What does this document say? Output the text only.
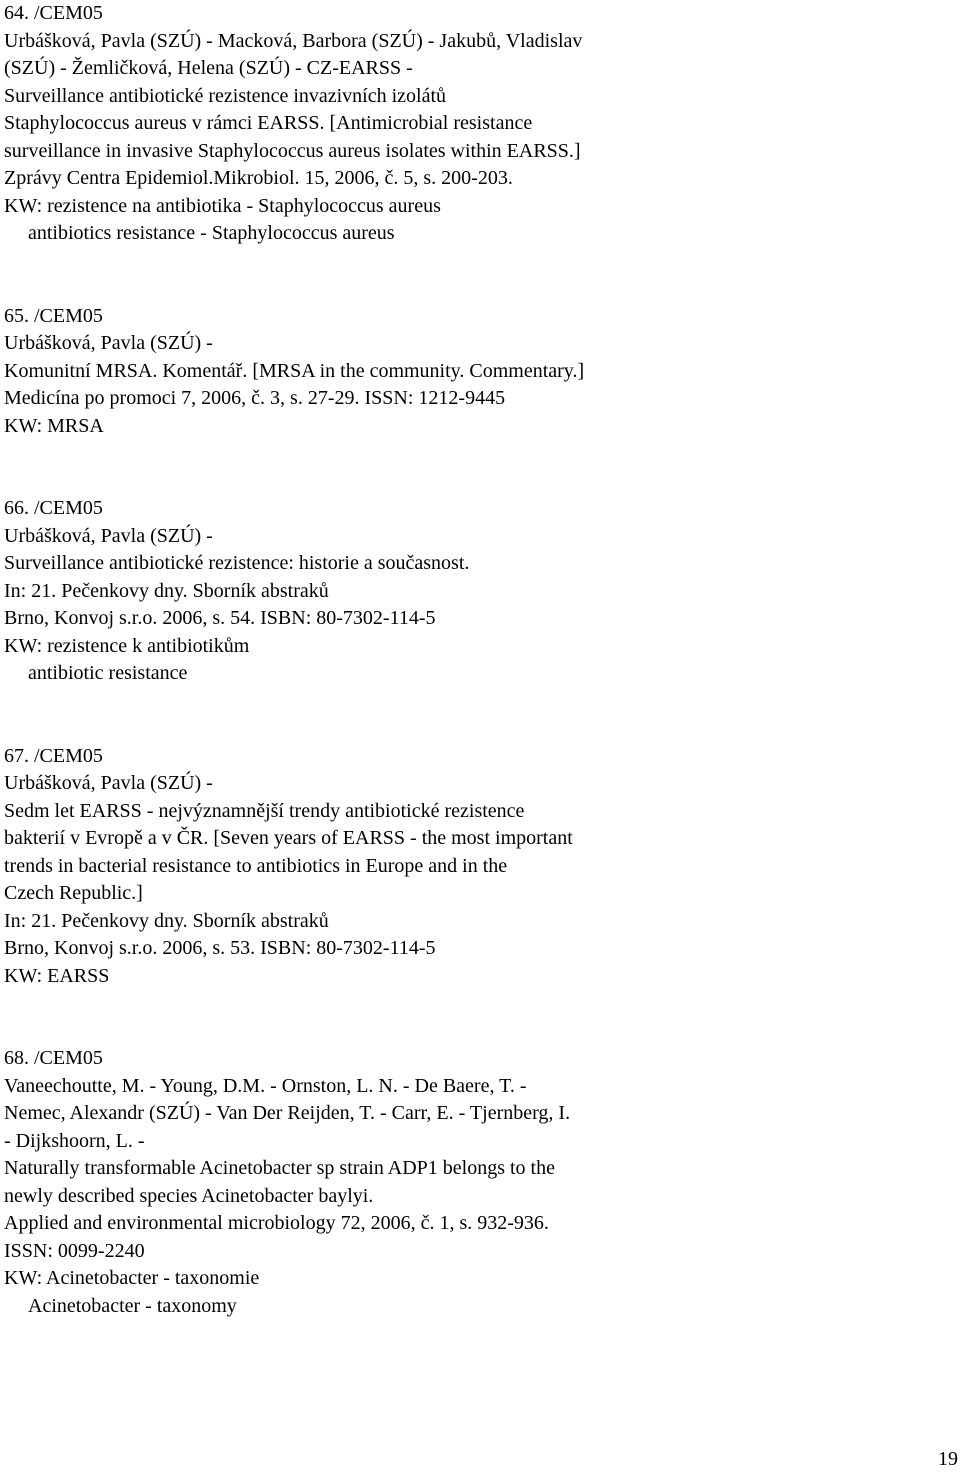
64. /CEM05
Urbášková, Pavla (SZÚ) - Macková, Barbora (SZÚ) - Jakubů, Vladislav
(SZÚ) - Žemličková, Helena (SZÚ) - CZ-EARSS -
Surveillance antibiotické rezistence invazivních izolátů
Staphylococcus aureus v rámci EARSS. [Antimicrobial resistance
surveillance in invasive Staphylococcus aureus isolates within EARSS.]
Zprávy Centra Epidemiol.Mikrobiol. 15, 2006, č. 5, s. 200-203.
KW: rezistence na antibiotika - Staphylococcus aureus
antibiotics resistance - Staphylococcus aureus
65. /CEM05
Urbášková, Pavla (SZÚ) -
Komunitní MRSA. Komentář. [MRSA in the community. Commentary.]
Medicína po promoci 7, 2006, č. 3, s. 27-29. ISSN: 1212-9445
KW: MRSA
66. /CEM05
Urbášková, Pavla (SZÚ) -
Surveillance antibiotické rezistence: historie a současnost.
In: 21. Pečenkovy dny. Sborník abstraků
Brno, Konvoj s.r.o. 2006, s. 54. ISBN: 80-7302-114-5
KW: rezistence k antibiotikům
antibiotic resistance
67. /CEM05
Urbášková, Pavla (SZÚ) -
Sedm let EARSS - nejvýznamnější trendy antibiotické rezistence
bakterií v Evropě a v ČR. [Seven years of EARSS - the most important
trends in bacterial resistance to antibiotics in Europe and in the
Czech Republic.]
In: 21. Pečenkovy dny. Sborník abstraků
Brno, Konvoj s.r.o. 2006, s. 53. ISBN: 80-7302-114-5
KW: EARSS
68. /CEM05
Vaneechoutte, M. - Young, D.M. - Ornston, L. N. - De Baere, T. -
Nemec, Alexandr (SZÚ) - Van Der Reijden, T. - Carr, E. - Tjernberg, I.
- Dijkshoorn, L. -
Naturally transformable Acinetobacter sp strain ADP1 belongs to the
newly described species Acinetobacter baylyi.
Applied and environmental microbiology 72, 2006, č. 1, s. 932-936.
ISSN: 0099-2240
KW: Acinetobacter - taxonomie
Acinetobacter - taxonomy
19
